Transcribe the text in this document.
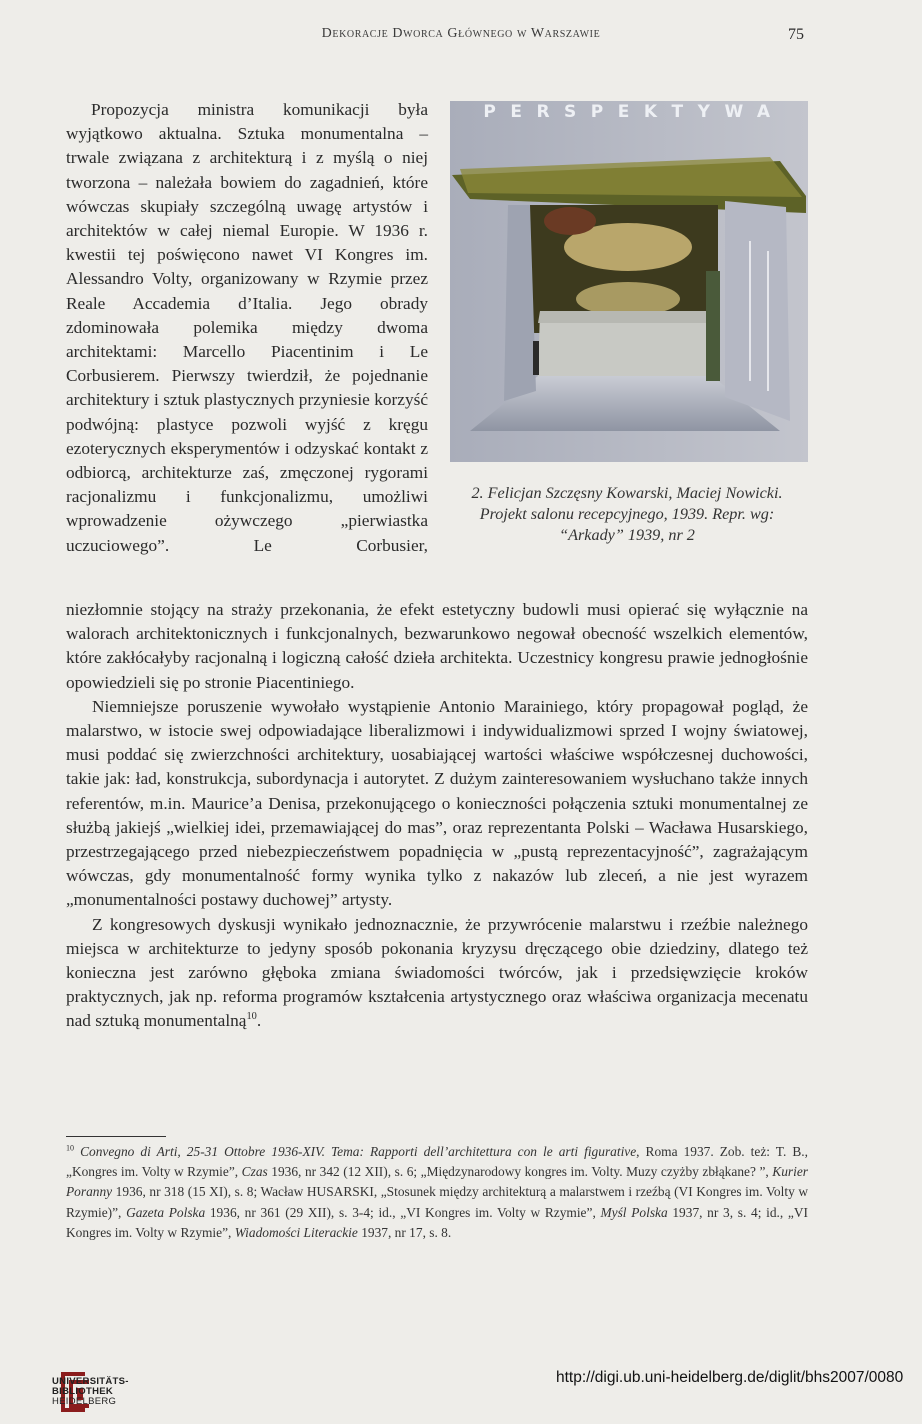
Dekoracje Dworca Głównego w Warszawie	75

Propozycja ministra komunikacji była wyjątkowo aktualna. Sztuka monumentalna – trwale związana z architekturą i z myślą o niej tworzona – należała bowiem do zagadnień, które wówczas skupiały szczególną uwagę artystów i architektów w całej niemal Europie. W 1936 r. kwestii tej poświęcono nawet VI Kongres im. Alessandro Volty, organizowany w Rzymie przez Reale Accademia d’Italia. Jego obrady zdominowała polemika między dwoma architektami: Marcello Piacentinim i Le Corbusierem. Pierwszy twierdził, że pojednanie architektury i sztuk plastycznych przyniesie korzyść podwójną: plastyce pozwoli wyjść z kręgu ezoterycznych eksperymentów i odzyskać kontakt z odbiorcą, architekturze zaś, zmęczonej rygorami racjonalizmu i funkcjonalizmu, umożliwi wprowadzenie ożywczego „pierwiastka uczuciowego”. Le Corbusier,

PERSPEKTYWA
2. Felicjan Szczęsny Kowarski, Maciej Nowicki. Projekt salonu recepcyjnego, 1939. Repr. wg: “Arkady” 1939, nr 2

niezłomnie stojący na straży przekonania, że efekt estetyczny budowli musi opierać się wyłącznie na walorach architektonicznych i funkcjonalnych, bezwarunkowo negował obecność wszelkich elementów, które zakłócałyby racjonalną i logiczną całość dzieła architekta. Uczestnicy kongresu prawie jednogłośnie opowiedzieli się po stronie Piacentiniego.

Niemniejsze poruszenie wywołało wystąpienie Antonio Marainiego, który propagował pogląd, że malarstwo, w istocie swej odpowiadające liberalizmowi i indywidualizmowi sprzed I wojny światowej, musi poddać się zwierzchności architektury, uosabiającej wartości właściwe współczesnej duchowości, takie jak: ład, konstrukcja, subordynacja i autorytet. Z dużym zainteresowaniem wysłuchano także innych referentów, m.in. Maurice’a Denisa, przekonującego o konieczności połączenia sztuki monumentalnej ze służbą jakiejś „wielkiej idei, przemawiającej do mas”, oraz reprezentanta Polski – Wacława Husarskiego, przestrzegającego przed niebezpieczeństwem popadnięcia w „pustą reprezentacyjność”, zagrażającym wówczas, gdy monumentalność formy wynika tylko z nakazów lub zleceń, a nie jest wyrazem „monumentalności postawy duchowej” artysty.

Z kongresowych dyskusji wynikało jednoznacznie, że przywrócenie malarstwu i rzeźbie należnego miejsca w architekturze to jedyny sposób pokonania kryzysu dręczącego obie dziedziny, dlatego też konieczna jest zarówno głęboka zmiana świadomości twórców, jak i przedsięwzięcie kroków praktycznych, jak np. reforma programów kształcenia artystycznego oraz właściwa organizacja mecenatu nad sztuką monumentalną$^{10}$.

$^{10}$ Convegno di Arti, 25-31 Ottobre 1936-XIV. Tema: Rapporti dell’architettura con le arti figurative, Roma 1937. Zob. też: T. B., „Kongres im. Volty w Rzymie”, Czas 1936, nr 342 (12 XII), s. 6; „Międzynarodowy kongres im. Volty. Muzy czyżby zbłąkane? ”, Kurier Poranny 1936, nr 318 (15 XI), s. 8; Wacław HUSARSKI, „Stosunek między architekturą a malarstwem i rzeźbą (VI Kongres im. Volty w Rzymie)”, Gazeta Polska 1936, nr 361 (29 XII), s. 3-4; id., „VI Kongres im. Volty w Rzymie”, Myśl Polska 1937, nr 3, s. 4; id., „VI Kongres im. Volty w Rzymie”, Wiadomości Literackie 1937, nr 17, s. 8.
UNIVERSITÄTS-
BIBLIOTHEK
HEIDELBERG
http://digi.ub.uni-heidelberg.de/diglit/bhs2007/0080
